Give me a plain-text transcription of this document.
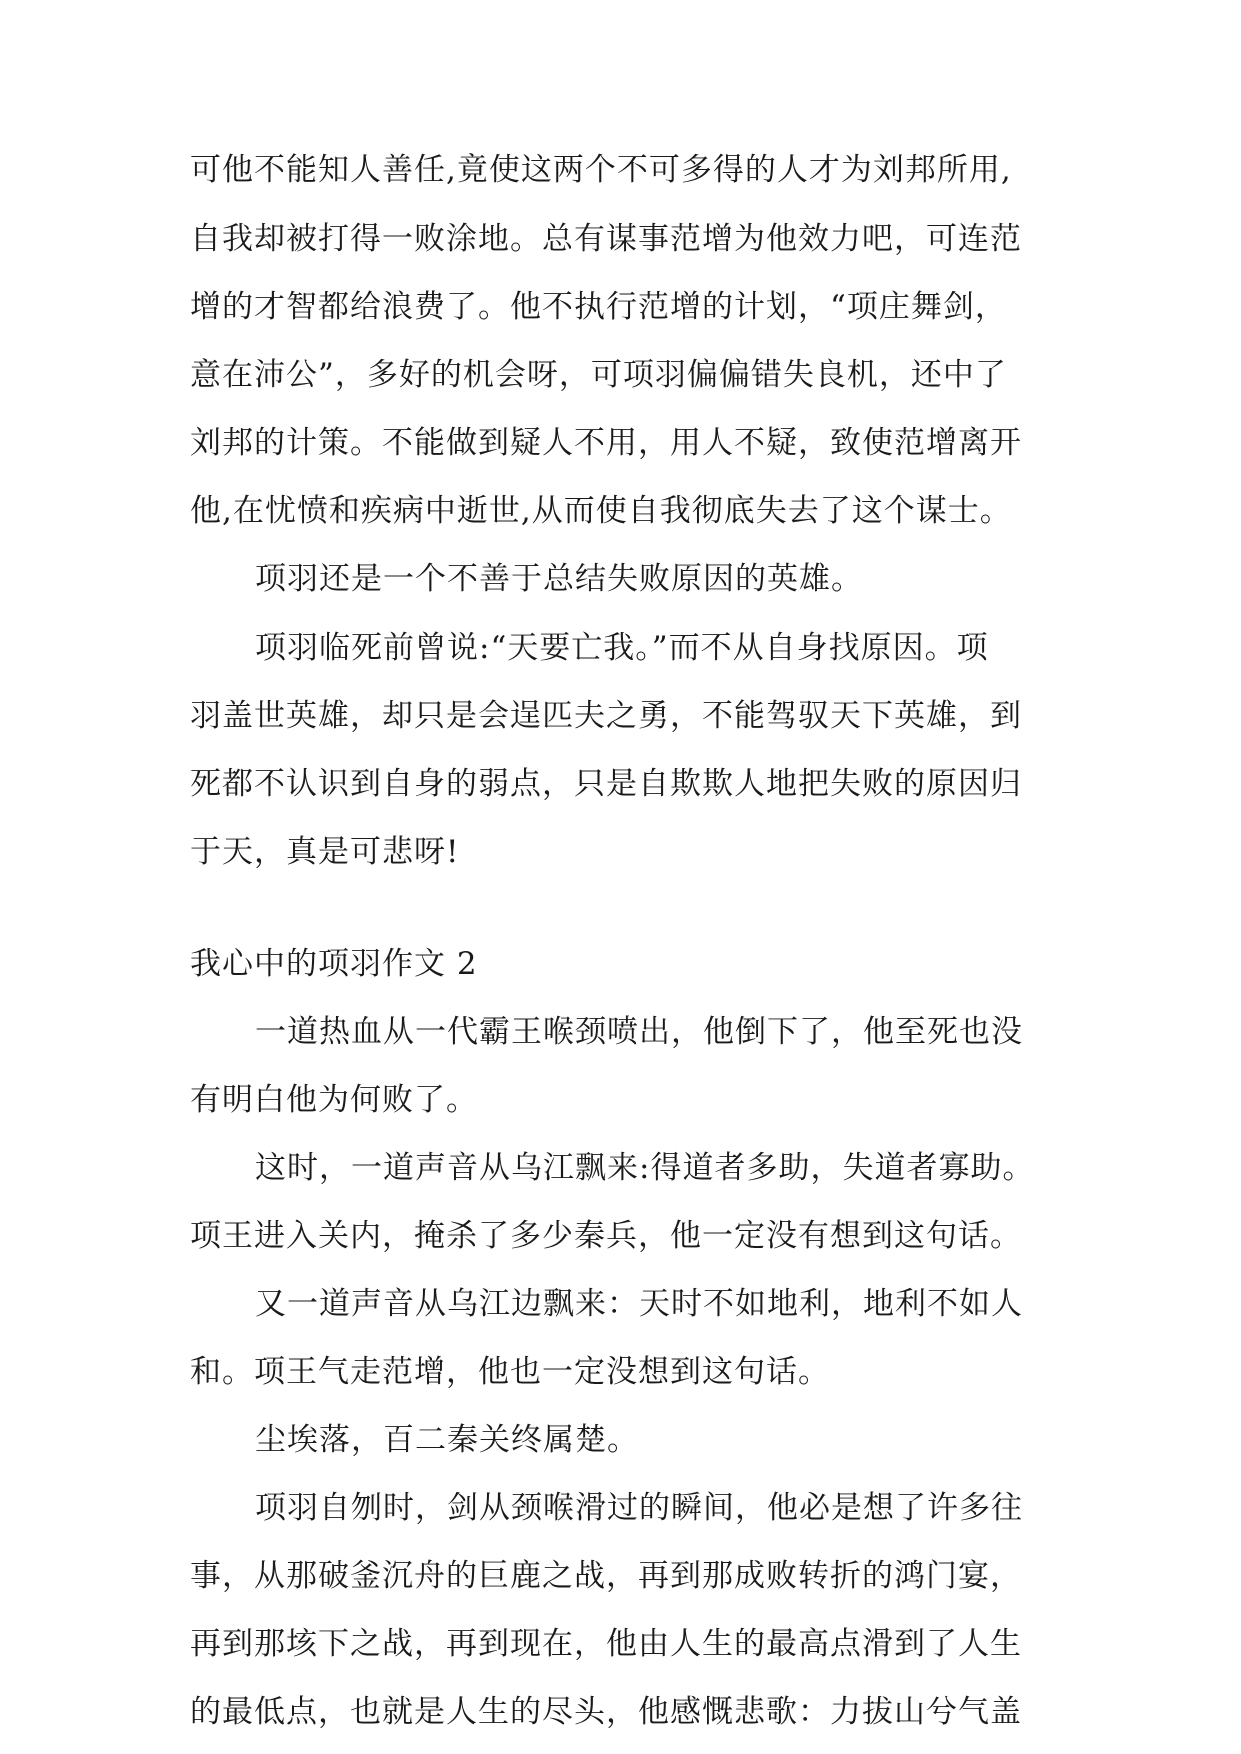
可他不能知人善任,竟使这两个不可多得的人才为刘邦所用,
自我却被打得一败涂地。总有谋事范增为他效力吧，可连范
增的才智都给浪费了。他不执行范增的计划，“项庄舞剑，
意在沛公”，多好的机会呀，可项羽偏偏错失良机，还中了
刘邦的计策。不能做到疑人不用，用人不疑，致使范增离开
他,在忧愤和疾病中逝世,从而使自我彻底失去了这个谋士。
项羽还是一个不善于总结失败原因的英雄。
项羽临死前曾说:“天要亡我。”而不从自身找原因。项
羽盖世英雄，却只是会逞匹夫之勇，不能驾驭天下英雄，到
死都不认识到自身的弱点，只是自欺欺人地把失败的原因归
于天，真是可悲呀!
我心中的项羽作文 2
一道热血从一代霸王喉颈喷出，他倒下了，他至死也没
有明白他为何败了。
这时，一道声音从乌江飘来:得道者多助，失道者寡助。
项王进入关内，掩杀了多少秦兵，他一定没有想到这句话。
又一道声音从乌江边飘来：天时不如地利，地利不如人
和。项王气走范增，他也一定没想到这句话。
尘埃落，百二秦关终属楚。
项羽自刎时，剑从颈喉滑过的瞬间，他必是想了许多往
事，从那破釜沉舟的巨鹿之战，再到那成败转折的鸿门宴，
再到那垓下之战，再到现在，他由人生的最高点滑到了人生
的最低点，也就是人生的尽头，他感慨悲歌：力拔山兮气盖
